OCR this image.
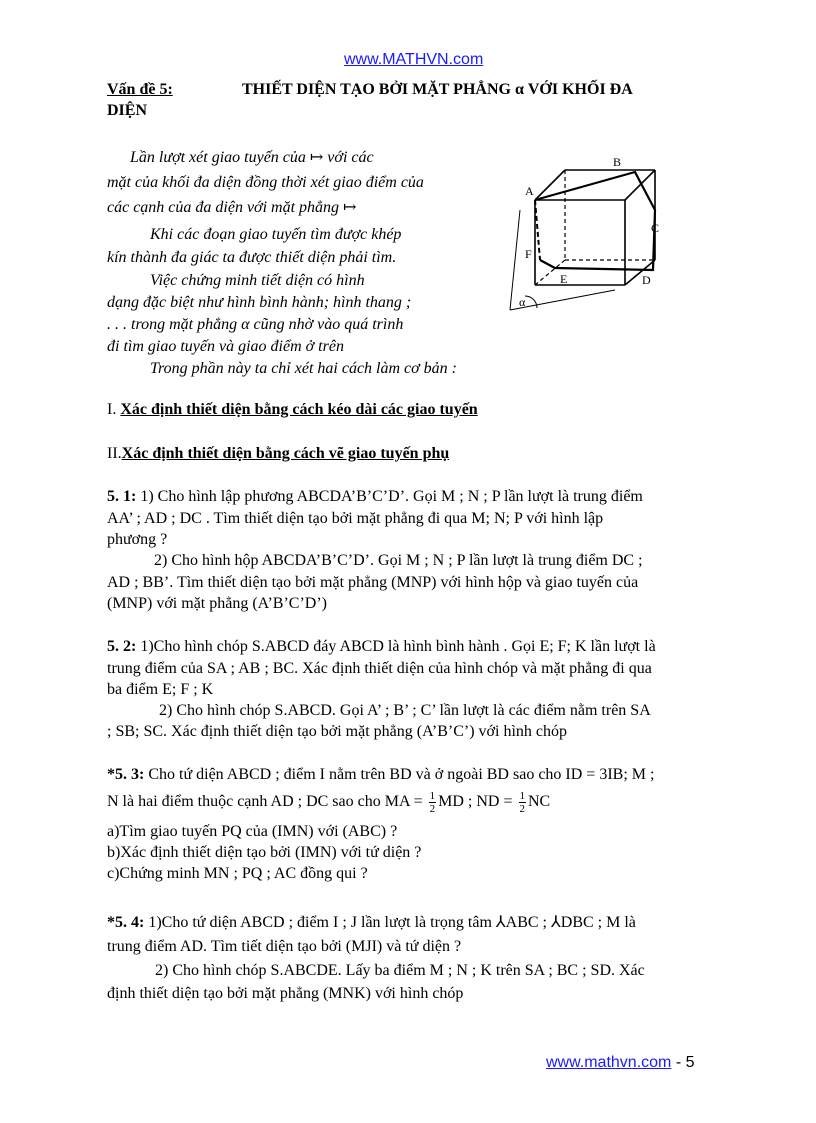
www.MATHVN.com
Vấn đề 5:	THIẾT DIỆN TẠO BỞI MẶT PHẲNG α VỚI KHỐI ĐA
DIỆN
Lần lượt xét giao tuyến của ↦ với các
mặt của khối đa diện đồng thời xét giao điểm của
các cạnh của đa diện với mặt phẳng ↦
Khi các đoạn giao tuyến tìm được khép
kín thành đa giác ta được thiết diện phải tìm.
Việc chứng minh tiết diện có hình
dạng đặc biệt như hình bình hành; hình thang ;
. . . trong mặt phẳng α cũng nhờ vào quá trình
đi tìm giao tuyến và giao điểm ở trên
Trong phần này ta chỉ xét hai cách làm cơ bản :
B
A
C
F
E	D
α
I. Xác định thiết diện bằng cách kéo dài các giao tuyến
II.Xác định thiết diện bằng cách vẽ giao tuyến phụ
5. 1: 1) Cho hình lập phương ABCDA’B’C’D’. Gọi M ; N ; P lần lượt là trung điểm
AA’ ; AD ; DC . Tìm thiết diện tạo bởi mặt phẳng đi qua M; N; P với hình lập
phương ?
2) Cho hình hộp ABCDA’B’C’D’. Gọi M ; N ; P lần lượt là trung điểm DC ;
AD ; BB’. Tìm thiết diện tạo bởi mặt phẳng (MNP) với hình hộp và giao tuyến của
(MNP) với mặt phẳng (A’B’C’D’)
5. 2: 1)Cho hình chóp S.ABCD đáy ABCD là hình bình hành . Gọi E; F; K lần lượt là
trung điểm của SA ; AB ; BC. Xác định thiết diện của hình chóp và mặt phẳng đi qua
ba điểm E; F ; K
2) Cho hình chóp S.ABCD. Gọi A’ ; B’ ; C’ lần lượt là các điểm nằm trên SA
; SB; SC. Xác định thiết diện tạo bởi mặt phẳng (A’B’C’) với hình chóp
*5. 3: Cho tứ diện ABCD ; điểm I nằm trên BD và ở ngoài BD sao cho ID = 3IB; M ;
N là hai điểm thuộc cạnh AD ; DC sao cho MA = $\frac{1}{2}$ MD ; ND = $\frac{1}{2}$ NC
a)Tìm giao tuyến PQ của (IMN) với (ABC) ?
b)Xác định thiết diện tạo bởi (IMN) với tứ diện ?
c)Chứng minh MN ; PQ ; AC đồng qui ?
*5. 4: 1)Cho tứ diện ABCD ; điểm I ; J lần lượt là trọng tâm ⅄ABC ; ⅄DBC ; M là
trung điểm AD. Tìm tiết diện tạo bởi (MJI) và tứ diện ?
2) Cho hình chóp S.ABCDE. Lấy ba điểm M ; N ; K trên SA ; BC ; SD. Xác
định thiết diện tạo bởi mặt phẳng (MNK) với hình chóp
www.mathvn.com - 5
